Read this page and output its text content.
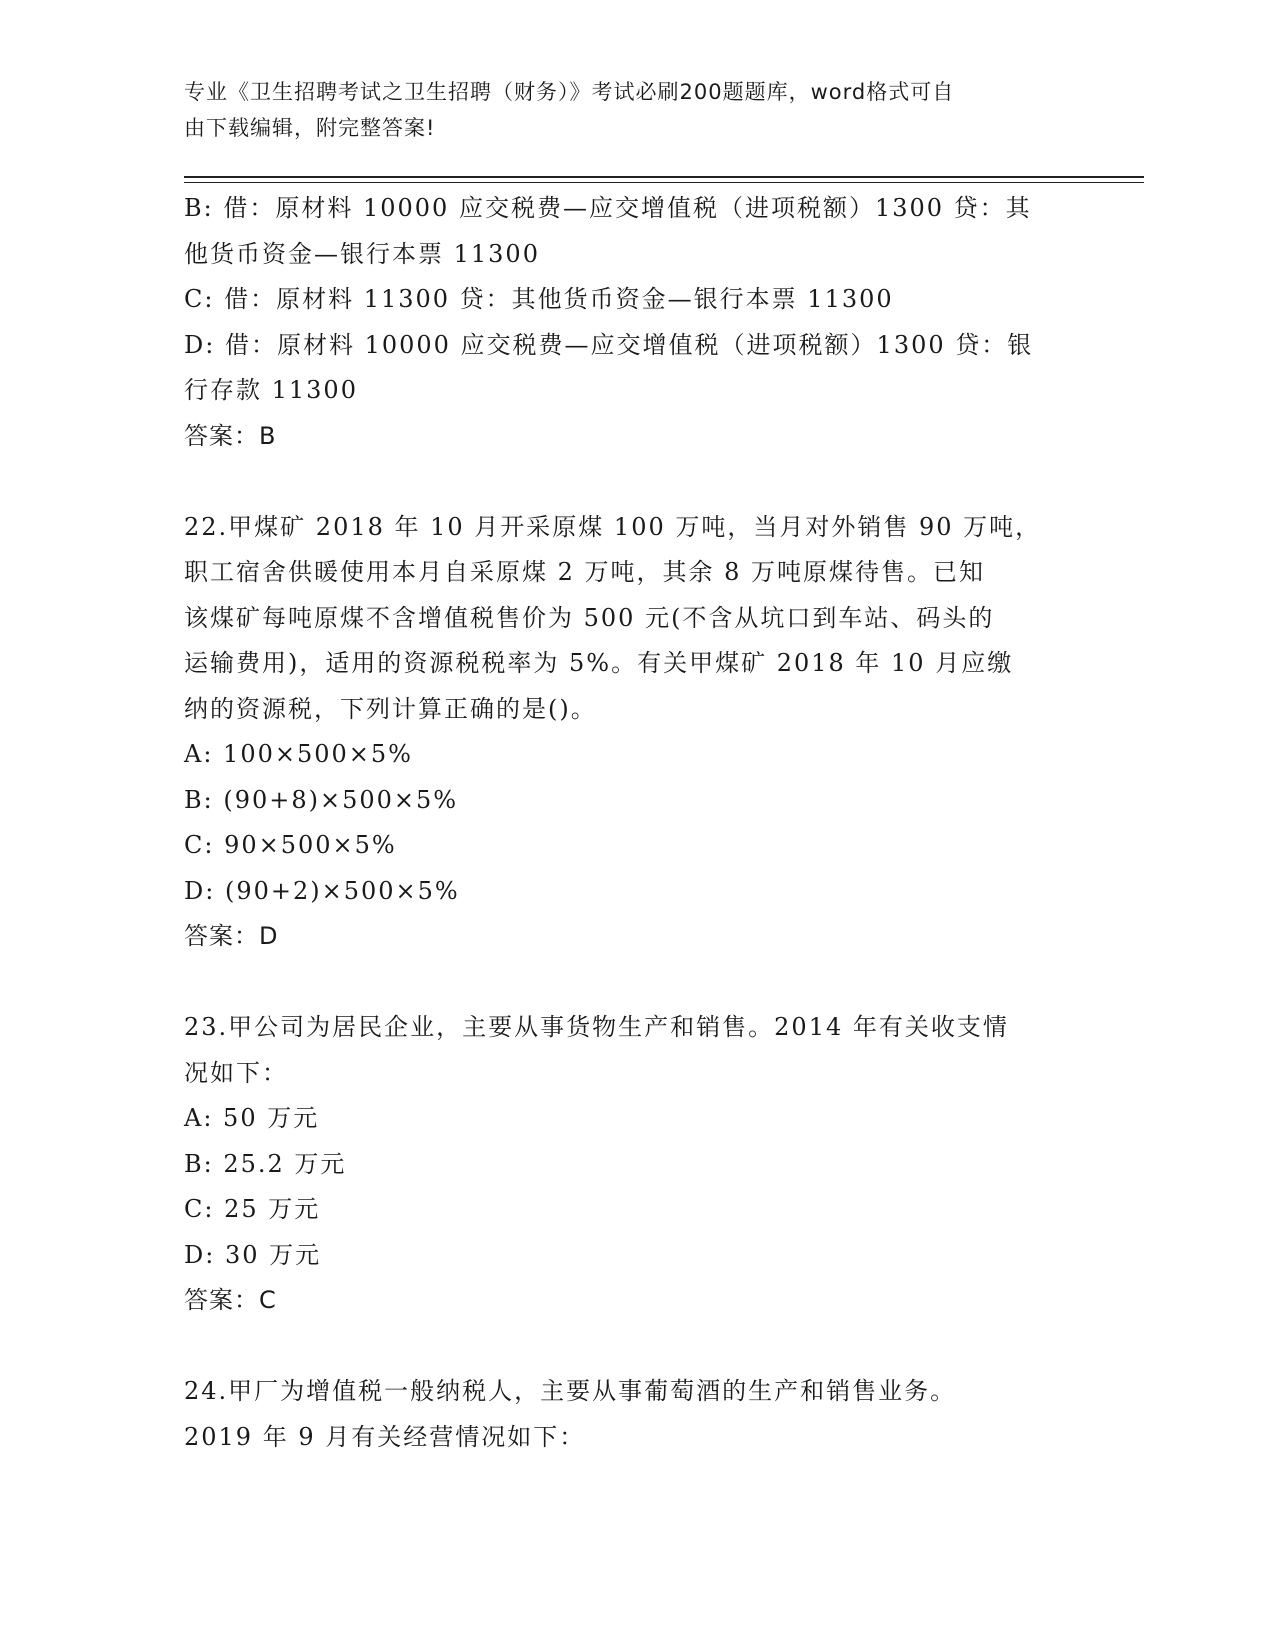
专业《卫生招聘考试之卫生招聘（财务）》考试必刷200题题库，word格式可自
由下载编辑，附完整答案!
B: 借：原材料 10000 应交税费—应交增值税（进项税额）1300 贷：其
他货币资金—银行本票 11300
C: 借：原材料 11300 贷：其他货币资金—银行本票 11300
D: 借：原材料 10000 应交税费—应交增值税（进项税额）1300 贷：银
行存款 11300
答案：B
22.甲煤矿 2018 年 10 月开采原煤 100 万吨，当月对外销售 90 万吨，
职工宿舍供暖使用本月自采原煤 2 万吨，其余 8 万吨原煤待售。已知
该煤矿每吨原煤不含增值税售价为 500 元(不含从坑口到车站、码头的
运输费用)，适用的资源税税率为 5%。有关甲煤矿 2018 年 10 月应缴
纳的资源税，下列计算正确的是()。
A: 100×500×5%
B: (90+8)×500×5%
C: 90×500×5%
D: (90+2)×500×5%
答案：D
23.甲公司为居民企业，主要从事货物生产和销售。2014 年有关收支情
况如下：
A: 50 万元
B: 25.2 万元
C: 25 万元
D: 30 万元
答案：C
24.甲厂为增值税一般纳税人，主要从事葡萄酒的生产和销售业务。
2019 年 9 月有关经营情况如下：
